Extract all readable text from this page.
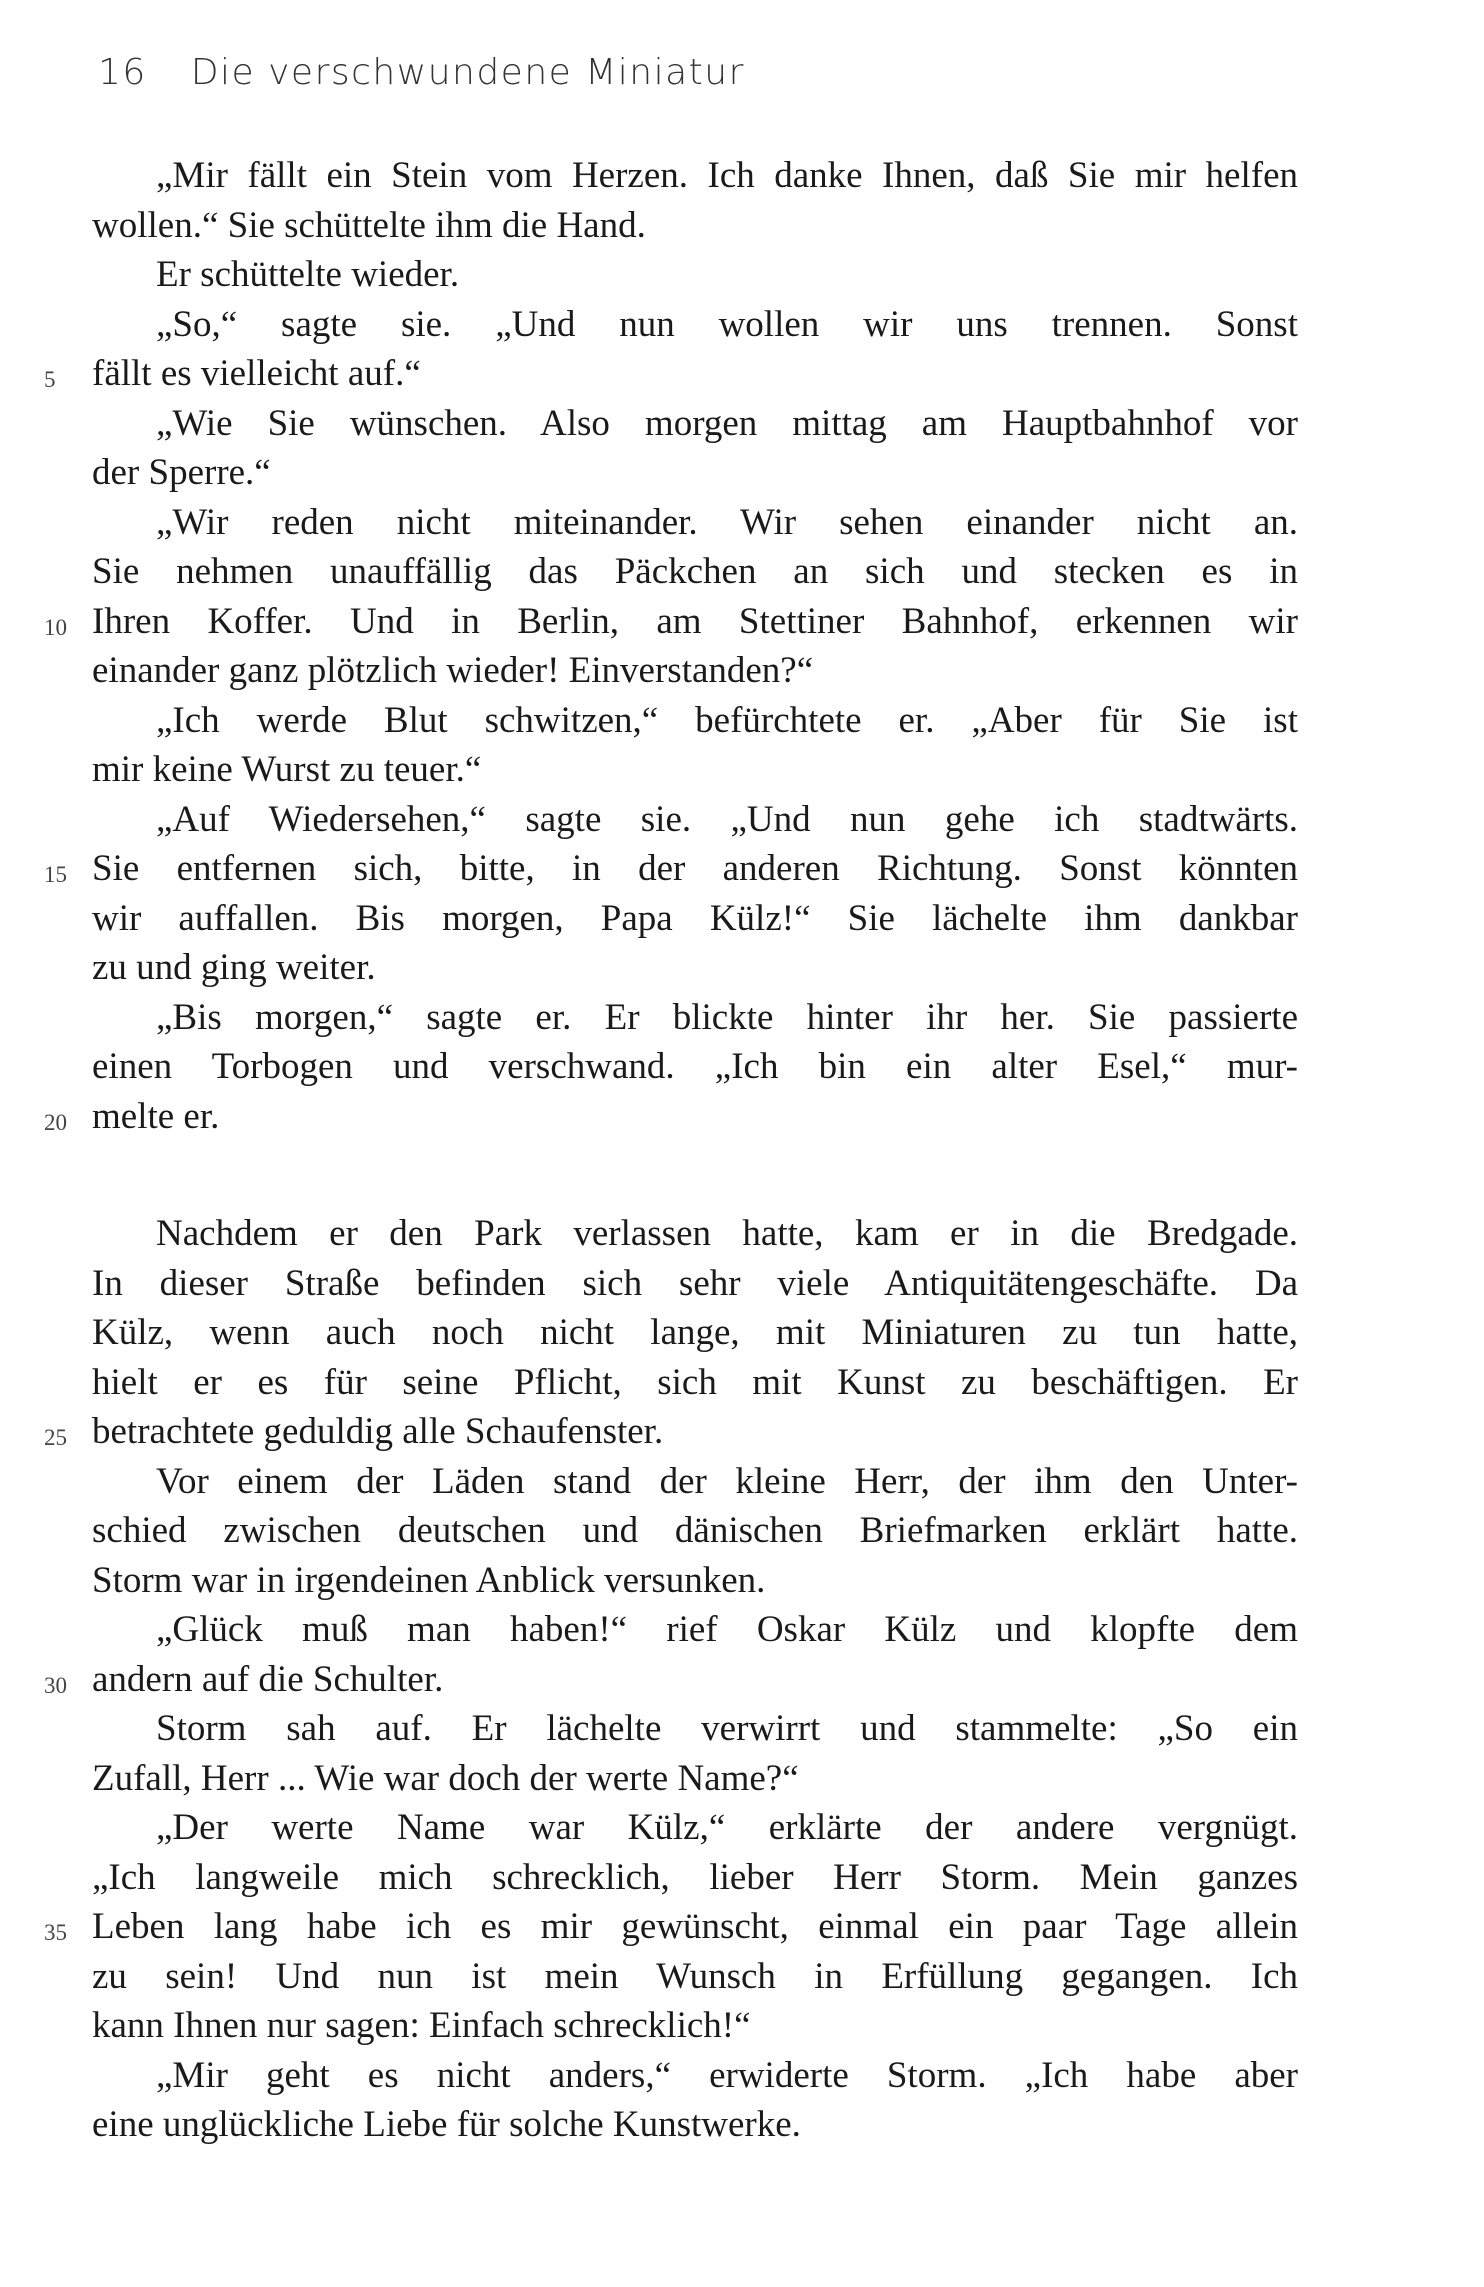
16 Die verschwundene Miniatur
„Mir fällt ein Stein vom Herzen. Ich danke Ihnen, daß Sie mir helfen
wollen.“ Sie schüttelte ihm die Hand.
Er schüttelte wieder.
„So,“ sagte sie. „Und nun wollen wir uns trennen. Sonst
5 fällt es vielleicht auf.“
„Wie Sie wünschen. Also morgen mittag am Hauptbahnhof vor
der Sperre.“
„Wir reden nicht miteinander. Wir sehen einander nicht an.
Sie nehmen unauffällig das Päckchen an sich und stecken es in
10 Ihren Koffer. Und in Berlin, am Stettiner Bahnhof, erkennen wir
einander ganz plötzlich wieder! Einverstanden?“
„Ich werde Blut schwitzen,“ befürchtete er. „Aber für Sie ist
mir keine Wurst zu teuer.“
„Auf Wiedersehen,“ sagte sie. „Und nun gehe ich stadtwärts.
15 Sie entfernen sich, bitte, in der anderen Richtung. Sonst könnten
wir auffallen. Bis morgen, Papa Külz!“ Sie lächelte ihm dankbar
zu und ging weiter.
„Bis morgen,“ sagte er. Er blickte hinter ihr her. Sie passierte
einen Torbogen und verschwand. „Ich bin ein alter Esel,“ mur-
20 melte er.
Nachdem er den Park verlassen hatte, kam er in die Bredgade.
In dieser Straße befinden sich sehr viele Antiquitätengeschäfte. Da
Külz, wenn auch noch nicht lange, mit Miniaturen zu tun hatte,
hielt er es für seine Pflicht, sich mit Kunst zu beschäftigen. Er
25 betrachtete geduldig alle Schaufenster.
Vor einem der Läden stand der kleine Herr, der ihm den Unter-
schied zwischen deutschen und dänischen Briefmarken erklärt hatte.
Storm war in irgendeinen Anblick versunken.
„Glück muß man haben!“ rief Oskar Külz und klopfte dem
30 andern auf die Schulter.
Storm sah auf. Er lächelte verwirrt und stammelte: „So ein
Zufall, Herr ... Wie war doch der werte Name?“
„Der werte Name war Külz,“ erklärte der andere vergnügt.
„Ich langweile mich schrecklich, lieber Herr Storm. Mein ganzes
35 Leben lang habe ich es mir gewünscht, einmal ein paar Tage allein
zu sein! Und nun ist mein Wunsch in Erfüllung gegangen. Ich
kann Ihnen nur sagen: Einfach schrecklich!“
„Mir geht es nicht anders,“ erwiderte Storm. „Ich habe aber
eine unglückliche Liebe für solche Kunstwerke.
